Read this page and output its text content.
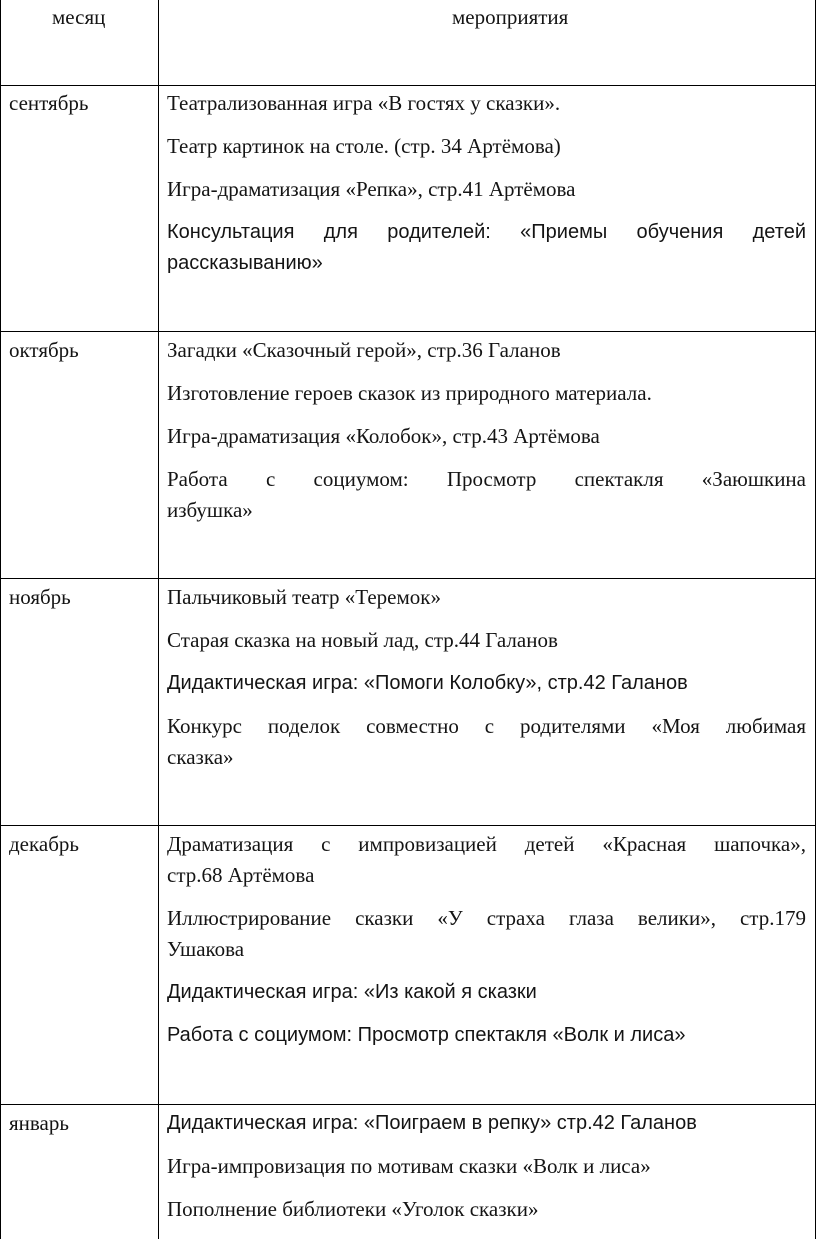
месяц	мероприятия
сентябрь	Театрализованная игра «В гостях у сказки».
Театр картинок на столе. (стр. 34 Артёмова)
Игра-драматизация «Репка», стр.41 Артёмова
Консультация для родителей: «Приемы обучения детей
рассказыванию»
октябрь	Загадки «Сказочный герой», стр.36 Галанов
Изготовление героев сказок из природного материала.
Игра-драматизация «Колобок», стр.43 Артёмова
Работа с социумом: Просмотр спектакля «Заюшкина
избушка»
ноябрь	Пальчиковый театр «Теремок»
Старая сказка на новый лад, стр.44 Галанов
Дидактическая игра: «Помоги Колобку», стр.42 Галанов
Конкурс поделок совместно с родителями «Моя любимая
сказка»
декабрь	Драматизация с импровизацией детей «Красная шапочка»,
стр.68 Артёмова
Иллюстрирование сказки «У страха глаза велики», стр.179
Ушакова
Дидактическая игра: «Из какой я сказки
Работа с социумом: Просмотр спектакля «Волк и лиса»
январь	Дидактическая игра: «Поиграем в репку» стр.42 Галанов
Игра-импровизация по мотивам сказки «Волк и лиса»
Пополнение библиотеки «Уголок сказки»
